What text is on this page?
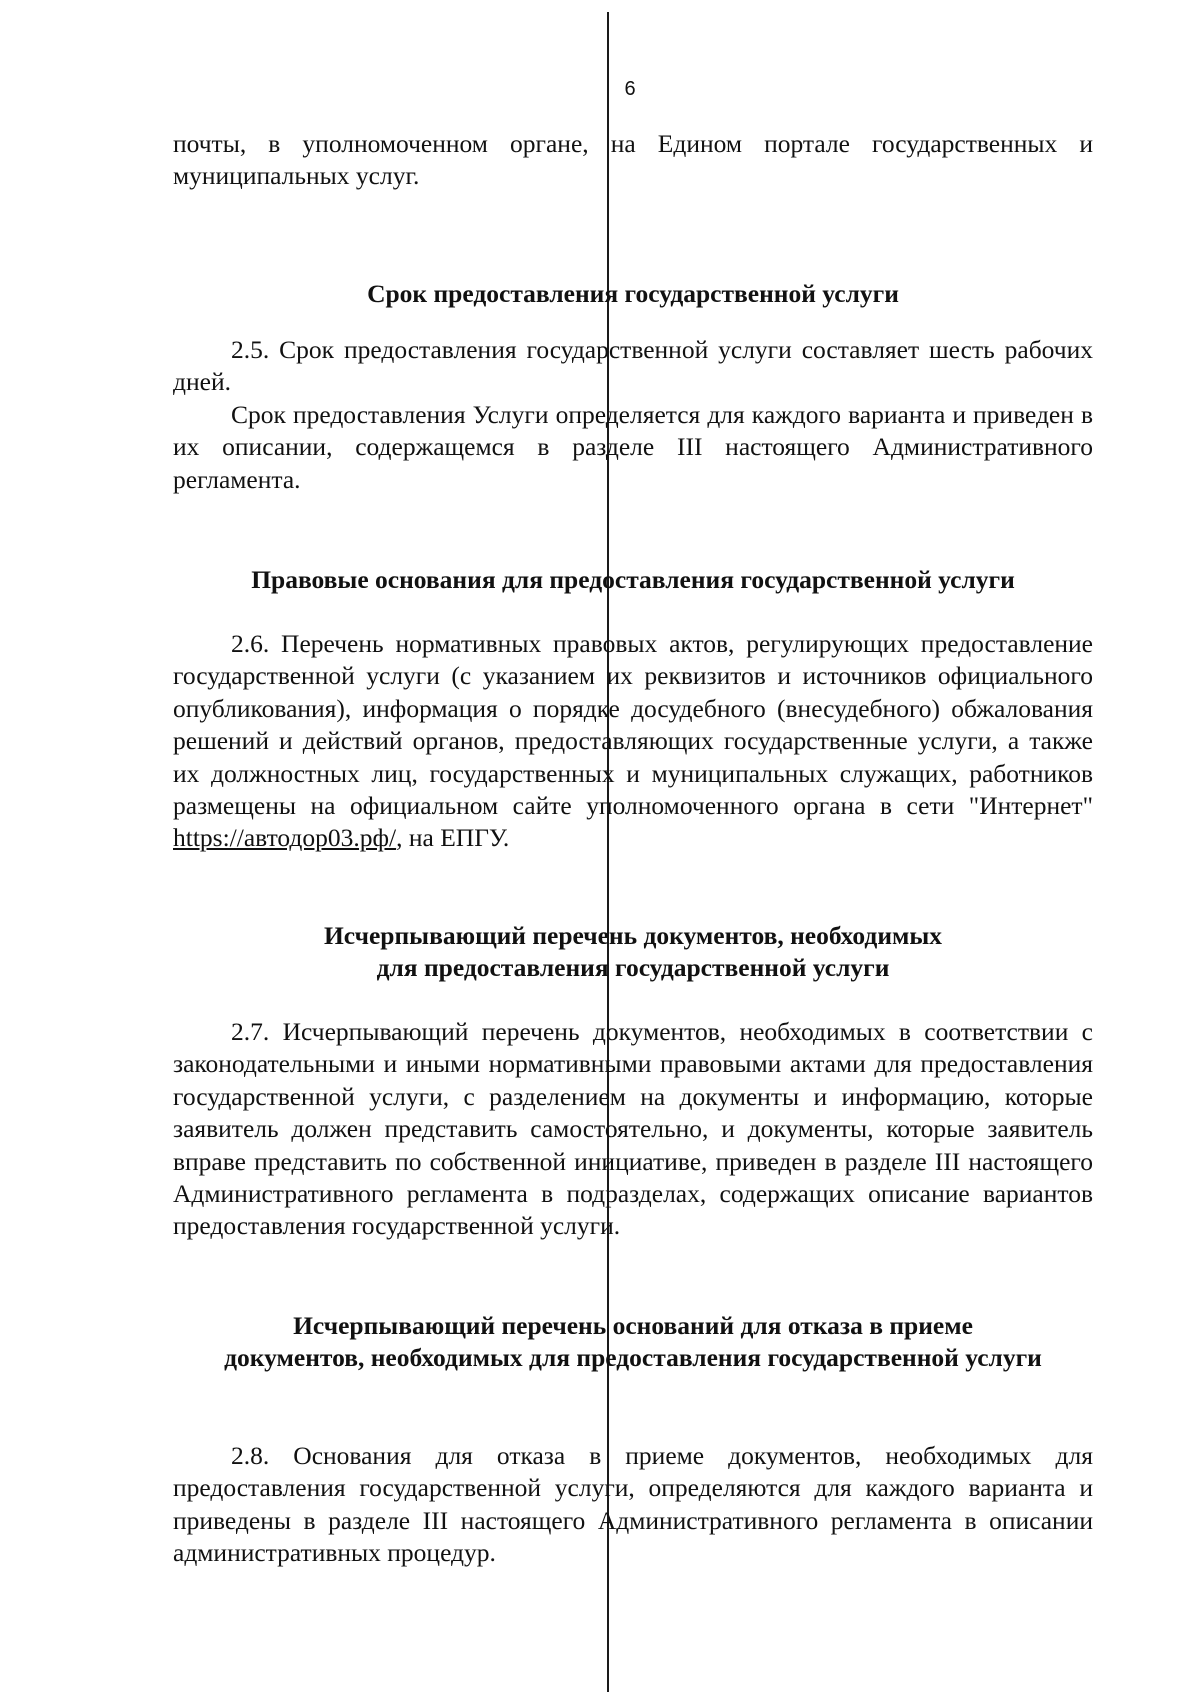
6

почты, в уполномоченном органе, на Едином портале государственных и муниципальных услуг.

Срок предоставления государственной услуги

2.5. Срок предоставления государственной услуги составляет шесть рабочих дней.

Срок предоставления Услуги определяется для каждого варианта и приведен в их описании, содержащемся в разделе III настоящего Административного регламента.

Правовые основания для предоставления государственной услуги

2.6. Перечень нормативных правовых актов, регулирующих предоставление государственной услуги (с указанием их реквизитов и источников официального опубликования), информация о порядке досудебного (внесудебного) обжалования решений и действий органов, предоставляющих государственные услуги, а также их должностных лиц, государственных и муниципальных служащих, работников размещены на официальном сайте уполномоченного органа в сети "Интернет" https://автодор03.рф/, на ЕПГУ.

Исчерпывающий перечень документов, необходимых
для предоставления государственной услуги

2.7. Исчерпывающий перечень документов, необходимых в соответствии с законодательными и иными нормативными правовыми актами для предоставления государственной услуги, с разделением на документы и информацию, которые заявитель должен представить самостоятельно, и документы, которые заявитель вправе представить по собственной инициативе, приведен в разделе III настоящего Административного регламента в подразделах, содержащих описание вариантов предоставления государственной услуги.

Исчерпывающий перечень оснований для отказа в приеме
документов, необходимых для предоставления государственной услуги

2.8. Основания для отказа в приеме документов, необходимых для предоставления государственной услуги, определяются для каждого варианта и приведены в разделе III настоящего Административного регламента в описании административных процедур.
